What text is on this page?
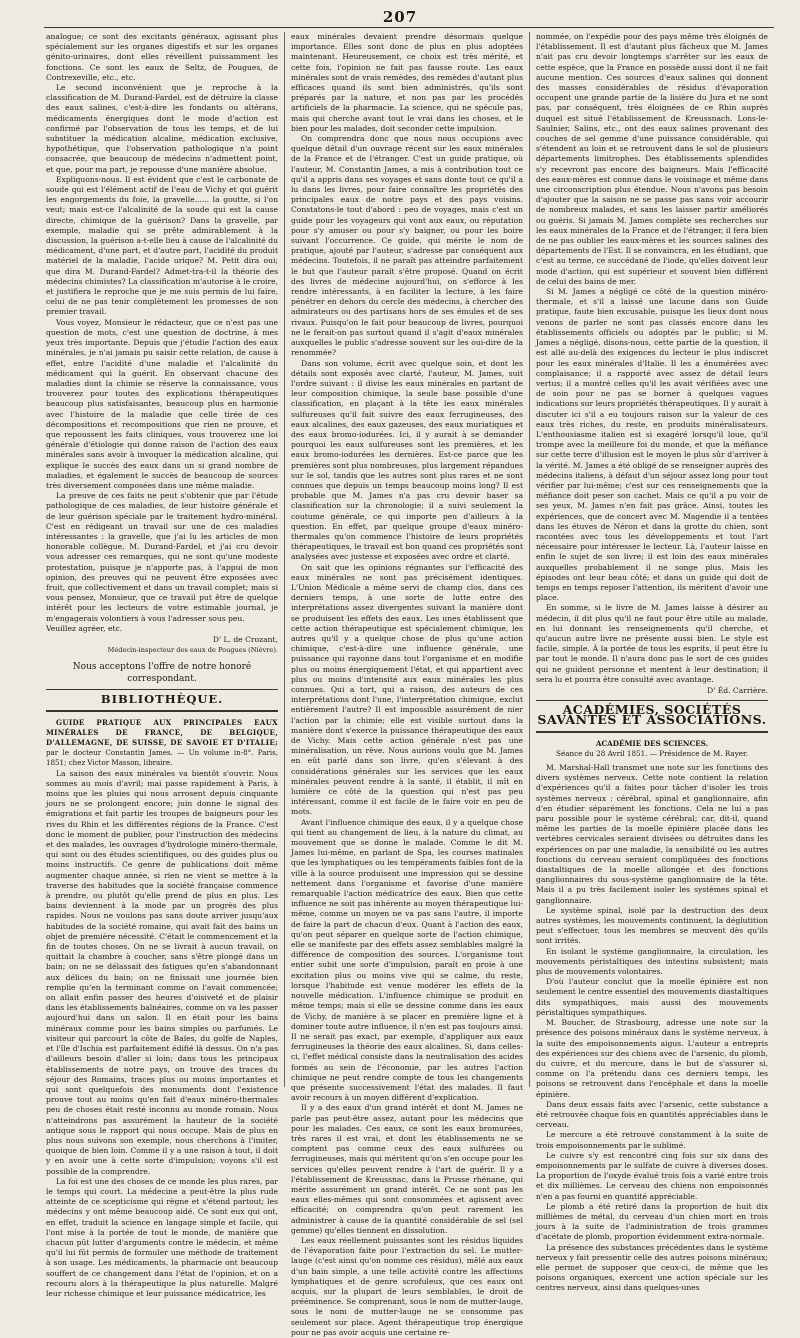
207

analogue; ce sont des excitants généraux, agissant plus spécialement sur les organes digestifs et sur les organes génito-urinaires, dont elles réveillent puissamment les fonctions. Ce sont les eaux de Seltz, de Pougues, de Contrexeville, etc., etc.

Le second inconvénient que je reproche à la classification de M. Durand-Fardel, est de détruire la classe des eaux salines, c'est-à-dire les fondants ou altérans, médicaments énergiques dont le mode d'action est confirmé par l'observation de tous les temps, et de lui substituer la médication alcaline, médication exclusive, hypothétique, que l'observation pathologique n'a point consacrée, que beaucoup de médecins n'admettent point, et que, pour ma part, je repousse d'une manière absolue.

Expliquons-nous. Il est évident que c'est le carbonate de soude qui est l'élément actif de l'eau de Vichy et qui guérit les engorgements du foie, la gravelle...... la goutte, si l'on veut; mais est-ce l'alcalinité de la soude qui est la cause directe, chimique de la guérison? Dans la gravelle, par exemple, maladie qui se prête admirablement à la discussion, la guérison a-t-elle lieu à cause de l'alcalinité du médicament, d'une part, et d'autre part, l'acidité du produit matériel de la maladie, l'acide urique? M. Petit dira oui; que dira M. Durand-Fardel? Admet-tra-t-il la théorie des médecins chimistes? La classification m'autorise à le croire, et justifiera le reproche que je me suis permis de lui faire, celui de ne pas tenir complètement les promesses de son premier travail.

Vous voyez, Monsieur le rédacteur, que ce n'est pas une question de mots, c'est une question de doctrine, à mes yeux très importante. Depuis que j'étudie l'action des eaux minérales, je n'ai jamais pu saisir cette relation, de cause à effet, entre l'acidité d'une maladie et l'alcalinité du médicament qui la guérit. En observant chacune des maladies dont la chimie se réserve la connaissance, vous trouverez pour toutes des explications thérapeutiques beaucoup plus satisfaisantes, beaucoup plus en harmonie avec l'histoire de la maladie que celle tirée de ces décompositions et recompositions que rien ne prouve, et que repoussent les faits cliniques, vous trouverez une loi générale d'étiologie qui donne raison de l'action des eaux minérales sans avoir à invoquer la médication alcaline, qui explique le succès des eaux dans un si grand nombre de maladies, et également le succès de beaucoup de sources très diversement composées dans une même maladie.

La preuve de ces faits ne peut s'obtenir que par l'étude pathologique de ces maladies, de leur histoire générale et de leur guérison spéciale par le traitement hydro-minéral. C'est en rédigeant un travail sur une de ces maladies intéressantes : la gravelle, que j'ai lu les articles de mon honorable collègue, M. Durand-Fardel, et j'ai cru devoir vous adresser ces remarques, qui ne sont qu'une modeste protestation, puisque je n'apporte pas, à l'appui de mon opinion, des preuves qui ne peuvent être exposées avec fruit, que collectivement et dans un travail complet; mais si vous pensez, Monsieur, que ce travail put être de quelque intérêt pour les lecteurs de votre estimable journal, je m'engagerais volontiers à vous l'adresser sous peu.

Veuillez agréer, etc.

D' L. de Crozant,
Médecin-inspecteur des eaux de Pougues (Nièvre).
Nous acceptons l'offre de notre honoré correspondant.
BIBLIOTHÈQUE.

GUIDE PRATIQUE AUX PRINCIPALES EAUX MINÉRALES DE FRANCE, DE BELGIQUE, D'ALLEMAGNE, DE SUISSE, DE SAVOIE ET D'ITALIE; par le docteur Constantin James. — Un volume in-8°. Paris, 1851; chez Victor Masson, libraire.

La saison des eaux minérales va bientôt s'ouvrir. Nous sommes au mois d'avril; mai passe rapidement à Paris, à moins que les pluies qui nous arrosent depuis cinquante jours ne se prolongent encore; juin donne le signal des émigrations et fait partir les troupes de baigneurs pour les rives du Rhin et les différentes régions de la France. C'est donc le moment de publier, pour l'instruction des médecins et des malades, les ouvrages d'hydrologie minéro-thermale, qui sont ou des études scientifiques, ou des guides plus ou moins instructifs. Ce genre de publications doit même augmenter chaque année, si rien ne vient se mettre à la traverse des habitudes que la société française commence à prendre, ou plutôt qu'elle prend de plus en plus. Les bains deviennent à la mode par un progrès des plus rapides. Nous ne voulons pas sans doute arriver jusqu'aux habitudes de la société romaine, qui avait fait des bains un objet de première nécessité. C'était le commencement et la fin de toutes choses. On ne se livrait à aucun travail, on quittait la chambre à coucher, sans s'être plongé dans un bain; on ne se délassait des fatigues qu'en s'abandonnant aux délices du bain; on ne finissait une journée bien remplie qu'en la terminant comme on l'avait commencée; on allait enfin passer des heures d'oisiveté et de plaisir dans les établissements balnéaires, comme on va les passer aujourd'hui dans un salon. Il en était pour les bains minéraux comme pour les bains simples ou parfumés. Le visiteur qui parcourt la côte de Baïes, du golfe de Naples, et l'île d'Ischia est parfaitement édifié là dessus. On n'a pas d'ailleurs besoin d'aller si loin; dans tous les principaux établissements de notre pays, on trouve des traces du séjour des Romains, traces plus ou moins importantes et qui sont quelquefois des monuments dont l'existence prouve tout au moins qu'en fait d'eaux minéro-thermales peu de choses était resté inconnu au monde romain. Nous n'atteindrons pas assurément la hauteur de la société antique sous le rapport qui nous occupe. Mais de plus en plus nous suivons son exemple, nous cherchons à l'imiter, quoique de bien loin. Comme il y a une raison à tout, il doit y en avoir une à cette sorte d'impulsion; voyons s'il est possible de la comprendre.

La foi est une des choses de ce monde les plus rares, par le temps qui court. La médecine a peut-être la plus rude atteinte de ce scepticisme qui règne et s'étend partout; les médecins y ont même beaucoup aidé. Ce sont eux qui ont, en effet, traduit la science en langage simple et facile, qui l'ont mise à la portée de tout le monde, de manière que chacun pût lutter d'arguments contre le médecin, et même qu'il lui fût permis de formuler une méthode de traitement à son usage. Les médicaments, la pharmacie ont beaucoup souffert de ce changement dans l'état de l'opinion, et on a recouru alors à la thérapeutique la plus naturelle. Malgré leur richesse chimique et leur puissance médicatrice, les

eaux minérales devaient prendre désormais quelque importance. Elles sont donc de plus en plus adoptées maintenant. Heureusement, ce choix est très mérité, et cette fois, l'opinion ne fait pas fausse route. Les eaux minérales sont de vrais remèdes, des remèdes d'autant plus efficaces quand ils sont bien administrés, qu'ils sont préparés par la nature, et non pas par les procédés artificiels de la pharmacie. La science, qui ne spécule pas, mais qui cherche avant tout le vrai dans les choses, et le bien pour les malades, doit seconder cette impulsion.

On comprendra donc que nous nous occupions avec quelque détail d'un ouvrage récent sur les eaux minérales de la France et de l'étranger. C'est un guide pratique, où l'auteur, M. Constantin James, a mis à contribution tout ce qu'il a appris dans ses voyages et sans donte tout ce qu'il a lu dans les livres, pour faire connaître les propriétés des principales eaux de notre pays et des pays voisins. Constatons-le tout d'abord : peu de voyages, mais c'est un guide pour les voyageurs qui vont aux eaux, ou réputation pour s'y amuser ou pour s'y baigner, ou pour les boire suivant l'occurrence. Ce guide, qui mérite le nom de pratique, ajouté par l'auteur, s'adresse par conséquent aux médecins. Toutefois, il ne paraît pas atteindre parfaitement le but que l'auteur paraît s'être proposé. Quand on écrit des livres de médecine aujourd'hui, on s'efforce à les rendre intéressants, à en faciliter la lecture, à les faire pénétrer en dehors du cercle des médecins, à chercher des admirateurs ou des partisans hors de ses émules et de ses rivaux. Puisqu'on le fait pour beaucoup de livres, pourquoi ne le ferait-on pas surtout quand il s'agit d'eaux minérales auxquelles le public s'adresse souvent sur les oui-dire de la renommée?

Dans son volume, écrit avec quelque soin, et dont les détails sont exposés avec clarté, l'auteur, M. James, suit l'ordre suivant : il divise les eaux minérales en partant de leur composition chimique, la seule base possible d'une classification, en plaçant à la tête les eaux minérales sulfureuses qu'il fait suivre des eaux ferrugineuses, des eaux alcalines, des eaux gazeuses, des eaux muriatiques et des eaux bromo-iodurées. Ici, il y aurait à se demander pourquoi les eaux sulfureuses sont les premières, et les eaux bromo-iodurées les dernières. Est-ce parce que les premières sont plus nombreuses, plus largement répandues sur le sol, tandis que les autres sont plus rares et ne sont connues que depuis un temps beaucoup moins long? Il est probable que M. James n'a pas cru devoir baser sa classification sur la chronologie; il a suivi seulement la coutume générale, ce qui importe peu d'ailleurs à la question. En effet, par quelque groupe d'eaux minéro-thermales qu'on commence l'histoire de leurs propriétés thérapeutiques, le travail est bon quand ces propriétés sont analysées avec justesse et exposées avec ordre et clarté.

On sait que les opinions régnantes sur l'efficacité des eaux minérales ne sont pas précisément identiques. L'Union Médicale a même servi de champ clos, dans ces derniers temps, à une sorte de lutte entre des interprétations assez divergentes suivant la manière dont se produisent les effets des eaux. Les unes établissent que cette action thérapeutique est spécialement chimique, les autres qu'il y a quelque chose de plus qu'une action chimique, c'est-à-dire une influence générale, une puissance qui rayonne dans tout l'organisme et en modifie plus ou moins énergiquement l'état, et qui appartient avec plus ou moins d'intensité aux eaux minérales les plus connues. Qui a tort, qui a raison, des auteurs de ces interprétations dont l'une, l'interprétation chimique, exclut entièrement l'autre? Il est impossible assurément de nier l'action par la chimie; elle est visible surtout dans la manière dont s'exerce la puissance thérapeutique des eaux de Vichy. Mais cette action générale n'est pas une minéralisation, un rêve. Nous aurions voulu que M. James en eût parlé dans son livre, qu'en s'élevant à des considérations générales sur les services que les eaux minérales peuvent rendre à la santé, il établit, il mît en lumière ce côté de la question qui n'est pas peu intéressant, comme il est facile de le faire voir en peu de mots.

Avant l'influence chimique des eaux, il y a quelque chose qui tient au changement de lieu, à la nature du climat, au mouvement que se donne le malade. Comme le dit M. James lui-même, en parlant de Spa, les courses matinales que les lymphatiques ou les tempéraments faibles font de la ville à la source produisent une impression qui se dessine nettement dans l'organisme et favorise d'une manière remarquable l'action médicatrice des eaux. Bien que cette influence ne soit pas inhérente au moyen thérapeutique lui-même, comme un moyen ne va pas sans l'autre, il importe de faire la part de chacun d'eux. Quant à l'action des eaux, qu'on peut séparer en quelque sorte de l'action chimique, elle se manifeste par des effets assez semblables malgré la différence de composition des sources. L'organisme tout entier subit une sorte d'impulsion, paraît en proie à une excitation plus ou moins vive qui se calme, du reste, lorsque l'habitude est venue modérer les effets de la nouvelle médication. L'influence chimique se produit en même temps; mais si elle se dessine comme dans les eaux de Vichy, de manière à se placer en première ligne et à dominer toute autre influence, il n'en est pas toujours ainsi. Il ne serait pas exact, par exemple, d'appliquer aux eaux ferrugineuses la théorie des eaux alcalines. Si, dans celles-ci, l'effet médical consiste dans la neutralisation des acides formés au sein de l'économie, par les autres l'action chimique ne peut rendre compte de tous les changements que présente successivement l'état des malades. Il faut avoir recours à un moyen différent d'explication.

Il y a des eaux d'un grand intérêt et dont M. James ne parle pas peut-être assez, autant pour les médecins que pour les malades. Ces eaux, ce sont les eaux bromurées, très rares il est vrai, et dont les établissements ne se comptent pas comme ceux des eaux sulfurées ou ferrugineuses, mais qui méritent qu'on s'en occupe pour les services qu'elles peuvent rendre à l'art de guérir. Il y a l'établissement de Kreussnac, dans la Prusse rhénane, qui mérite assurément un grand intérêt. Ce ne sont pas les eaux elles-mêmes qui sont consommées et agissent avec efficacité; on comprendra qu'on peut rarement les administrer à cause de la quantité considérable de sel (sel gemme) qu'elles tiennent en dissolution.

Les eaux réellement puissantes sont les résidus liquides de l'évaporation faite pour l'extraction du sel. Le mutter-lauge (c'est ainsi qu'on nomme ces résidus), mêlé aux eaux d'un bain simple, a une telle activité contre les affections lymphatiques et de genre scrofuleux, que ces eaux ont acquis, sur la plupart de leurs semblables, le droit de prééminence. Se comprenant, sous le nom de mutter-lauge, sous le nom de mutter-lauge ne se consomme pas seulement sur place. Agent thérapeutique trop énergique pour ne pas avoir acquis une certaine re-

nommée, on l'expédie pour des pays même très éloignés de l'établissement. Il est d'autant plus fâcheux que M. James n'ait pas cru devoir longtemps s'arrêter sur les eaux de cette espèce, que la France en possède aussi dont il ne fait aucune mention. Ces sources d'eaux salines qui donnent des masses considérables de résidus d'évaporation occupent une grande partie de la lisière du Jura et ne sont pas, par conséquent, très éloignées de ce Rhin auprès duquel est situé l'établissement de Kreussnach. Lons-le-Saulnier, Salins, etc., ont des eaux salines provenant des couches de sel gemme d'une puissance considérable, qui s'étendent au loin et se retrouvent dans le sol de plusieurs départements limitrophes. Des établissements splendides s'y recevront pas encore des baigneurs. Mais l'efficacité des eaux-mères est connue dans le voisinage et même dans une circonscription plus étendue. Nous n'avons pas besoin d'ajouter que la saison ne se passe pas sans voir accourir de nombreux malades, et sans les laisser partir améliorés ou guéris. Si jamais M. James complète ses recherches sur les eaux minérales de la France et de l'étranger, il fera bien de ne pas oublier les eaux-mères et les sources salines des départements de l'Est. Il se convaincra, en les étudiant, que c'est au terme, ce succédané de l'iode, qu'elles doivent leur mode d'action, qui est supérieur et souvent bien différent de celui des bains de mer.

Si M. James a négligé ce côté de la question minéro-thermale, et s'il a laissé une lacune dans son Guide pratique, faute bien excusable, puisque les lieux dont nous venons de parler ne sont pas classés encore dans les établissements officiels ou adoptés par le public; si M. James a négligé, disons-nous, cette partie de la question, il est allé au-delà des exigences du lecteur le plus indiscret pour les eaux minérales d'Italie. Il les a énumérées avec complaisance; il a rapporté avec assez de détail leurs vertus; il a montré celles qu'il les avait vérifiées avec une de soin pour ne pas se borner à quelques vagues indications sur leurs propriétés thérapeutiques. Il y aurait à discuter ici s'il a eu toujours raison sur la valeur de ces eaux très riches, du reste, en produits minéralisateurs. L'enthousiasme italien est si exagéré lorsqu'il loue, qu'il trompe avec la meilleure foi du monde, et que la méfiance sur cette terre d'illusion est le moyen le plus sûr d'arriver à la vérité. M. James a été obligé de se renseigner auprès des médecins italiens, à défaut d'un séjour assez long pour tout vérifier par lui-même; c'est sur ces renseignements que la méfiance doit peser son cachet. Mais ce qu'il a pu voir de ses yeux, M. James n'en fait pas grâce. Ainsi, toutes les expériences, que de concert avec M. Magendie il a tentées dans les étuves de Néron et dans la grotte du chien, sont racontées avec tous les développements et tout l'art nécessaire pour intéresser le lecteur. Là, l'auteur laisse en enfin le sujet de son livre; il est loin des eaux minérales auxquelles probablement il ne songe plus. Mais les épisodes ont leur beau côté; et dans un guide qui doit de temps en temps reposer l'attention, ils méritent d'avoir une place.

En somme, si le livre de M. James laisse à désirer au médecin, il dit plus qu'il ne faut pour être utile au malade, en lui donnant les renseignements qu'il cherche, et qu'aucun autre livre ne présente aussi bien. Le style est facile, simple. À la portée de tous les esprits, il peut être lu par tout le monde. Il n'aura donc pas le sort de ces guides qui ne guident personne et mentent à leur destination; il sera lu et pourra être consulté avec avantage.

D' Éd. Carrière.
ACADÉMIES, SOCIÉTÉS SAVANTES ET ASSOCIATIONS.
ACADÉMIE DES SCIENCES.
Séance du 28 Avril 1851. — Présidence de M. Rayer.

M. Marshal-Hall transmet une note sur les fonctions des divers systèmes nerveux. Cette note contient la relation d'expériences qu'il a faites pour tâcher d'isoler les trois systèmes nerveux : cérébral, spinal et ganglionnaire, afin d'en étudier séparément les fonctions. Cela ne lui a pas paru possible pour le système cérébral; car, dit-il, quand même les parties de la moelle épinière placée dans les vertèbres cervicales seraient divisées ou détruites dans les expériences on par une maladie, la sensibilité ou les autres fonctions du cerveau seraient compliquées des fonctions diastaltiques de la moelle allongée et des fonctions ganglionnaires du sous-système ganglionnaire de la tête. Mais il a pu très facilement isoler les systèmes spinal et ganglionnaire.

Le système spinal, isolé par la destruction des deux autres systèmes, les mouvements continuent, la déglutition peut s'effectuer, tous les membres se meuvent dès qu'ils sont irrités.

En isolant le système ganglionnaire, la circulation, les mouvements péristaltiques des intestins subsistent; mais plus de mouvements volontaires.

D'où l'auteur conclut que la moelle épinière est non seulement le centre essentiel des mouvements diastaltiques dits sympathiques, mais aussi des mouvements péristaltiques sympathiques.

M. Boucher, de Strasbourg, adresse une note sur la présence des poisons minéraux dans le système nerveux, à la suite des empoisonnements aigus. L'auteur a entrepris des expériences sur des chiens avec de l'arsenic, du plomb, du cuivre, et du mercure, dans le but de s'assurer si, comme on l'a prétendu dans ces derniers temps, les poisons se retrouvent dans l'encéphale et dans la moelle épinière.

Dans deux essais faits avec l'arsenic, cette substance a été retrouvée chaque fois en quantités appréciables dans le cerveau.

Le mercure a été retrouvé constamment à la suite de trois empoisonnements par le sublimé.

Le cuivre s'y est rencontré cinq fois sur six dans des empoisonnements par le sulfate de cuivre à diverses doses. La proportion de l'oxyde évalué trois fois a varié entre trois et dix millièmes. Le cerveau des chiens non empoisonnés n'en a pas fourni en quantité appréciable.

Le plomb a été retiré dans la proportion de huit dix millièmes de métal, du cerveau d'un chien mort en trois jours à la suite de l'administration de trois grammes d'acétate de plomb, proportion évidemment extra-normale.

La présence des substances précédentes dans le système nerveux y fait pressentir celle des autres poisons minéraux; elle permet de supposer que ceux-ci, de même que les poisons organiques, exercent une action spéciale sur les centres nerveux, ainsi dans quelques-unes
